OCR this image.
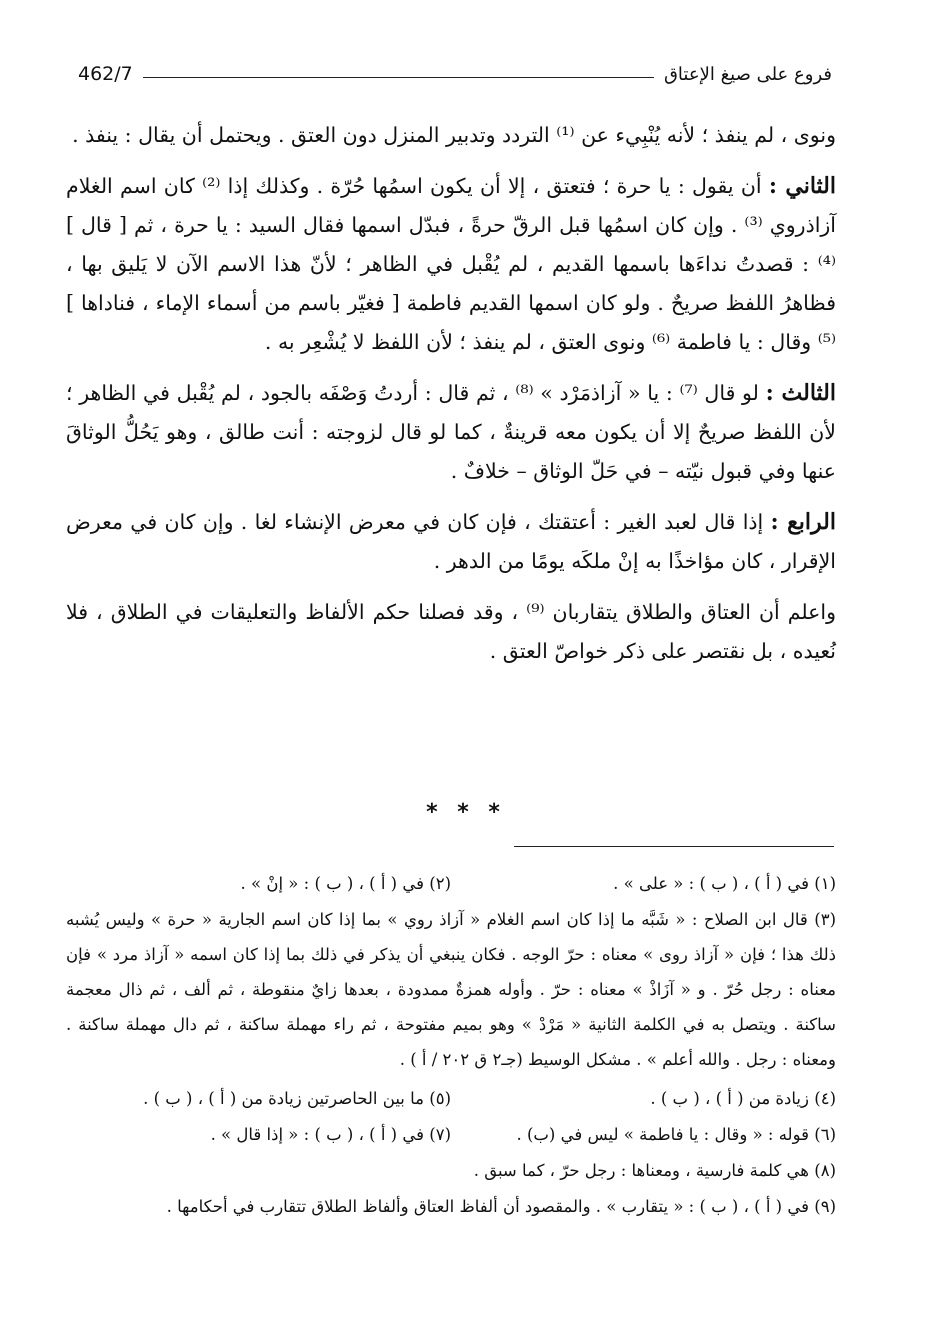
فروع على صيغ الإعتاق
462/7

ونوى ، لم ينفذ ؛ لأنه يُنْبِيء عن ⁽¹⁾ التردد وتدبير المنزل دون العتق . ويحتمل أن يقال : ينفذ .

الثاني : أن يقول : يا حرة ؛ فتعتق ، إلا أن يكون اسمُها حُرّة . وكذلك إذا ⁽²⁾ كان اسم الغلام آزاذروي ⁽³⁾ . وإن كان اسمُها قبل الرقّ حرةً ، فبدّل اسمها فقال السيد : يا حرة ، ثم [ قال ] ⁽⁴⁾ : قصدتُ نداءَها باسمها القديم ، لم يُقْبل في الظاهر ؛ لأنّ هذا الاسم الآن لا يَليق بها ، فظاهرُ اللفظ صريحٌ . ولو كان اسمها القديم فاطمة [ فغيّر باسم من أسماء الإماء ، فناداها ] ⁽⁵⁾ وقال : يا فاطمة ⁽⁶⁾ ونوى العتق ، لم ينفذ ؛ لأن اللفظ لا يُشْعِر به .

الثالث : لو قال ⁽⁷⁾ : يا « آزاذمَرْد » ⁽⁸⁾ ، ثم قال : أردتُ وَصْفَه بالجود ، لم يُقْبل في الظاهر ؛ لأن اللفظ صريحٌ إلا أن يكون معه قرينةٌ ، كما لو قال لزوجته : أنت طالق ، وهو يَحُلُّ الوثاقَ عنها وفي قبول نيّته – في حَلّ الوثاق – خلافٌ .

الرابع : إذا قال لعبد الغير : أعتقتك ، فإن كان في معرض الإنشاء لغا . وإن كان في معرض الإقرار ، كان مؤاخذًا به إنْ ملكَه يومًا من الدهر .

واعلم أن العتاق والطلاق يتقاربان ⁽⁹⁾ ، وقد فصلنا حكم الألفاظ والتعليقات في الطلاق ، فلا نُعيده ، بل نقتصر على ذكر خواصّ العتق .

* * *
(١) في ( أ ) ، ( ب ) : « على » .
(٢) في ( أ ) ، ( ب ) : « إنْ » .
(٣) قال ابن الصلاح : « شَبَّه ما إذا كان اسم الغلام « آزاذ روي » بما إذا كان اسم الجارية « حرة » وليس يُشبه ذلك هذا ؛ فإن « آزاذ روى » معناه : حرّ الوجه . فكان ينبغي أن يذكر في ذلك بما إذا كان اسمه « آزاذ مرد » فإن معناه : رجل حُرّ . و « آزَاذْ » معناه : حرّ . وأوله همزةٌ ممدودة ، بعدها زايٌ منقوطة ، ثم ألف ، ثم ذال معجمة ساكنة . ويتصل به في الكلمة الثانية « مَرْدْ » وهو بميم مفتوحة ، ثم راء مهملة ساكنة ، ثم دال مهملة ساكنة . ومعناه : رجل . والله أعلم » . مشكل الوسيط (جـ٢ ق ٢٠٢ / أ ) .
(٤) زيادة من ( أ ) ، ( ب ) .
(٥) ما بين الحاصرتين زيادة من ( أ ) ، ( ب ) .
(٦) قوله : « وقال : يا فاطمة » ليس في (ب) .
(٧) في ( أ ) ، ( ب ) : « إذا قال » .
(٨) هي كلمة فارسية ، ومعناها : رجل حرّ ، كما سبق .
(٩) في ( أ ) ، ( ب ) : « يتقارب » . والمقصود أن ألفاظ العتاق وألفاظ الطلاق تتقارب في أحكامها .
